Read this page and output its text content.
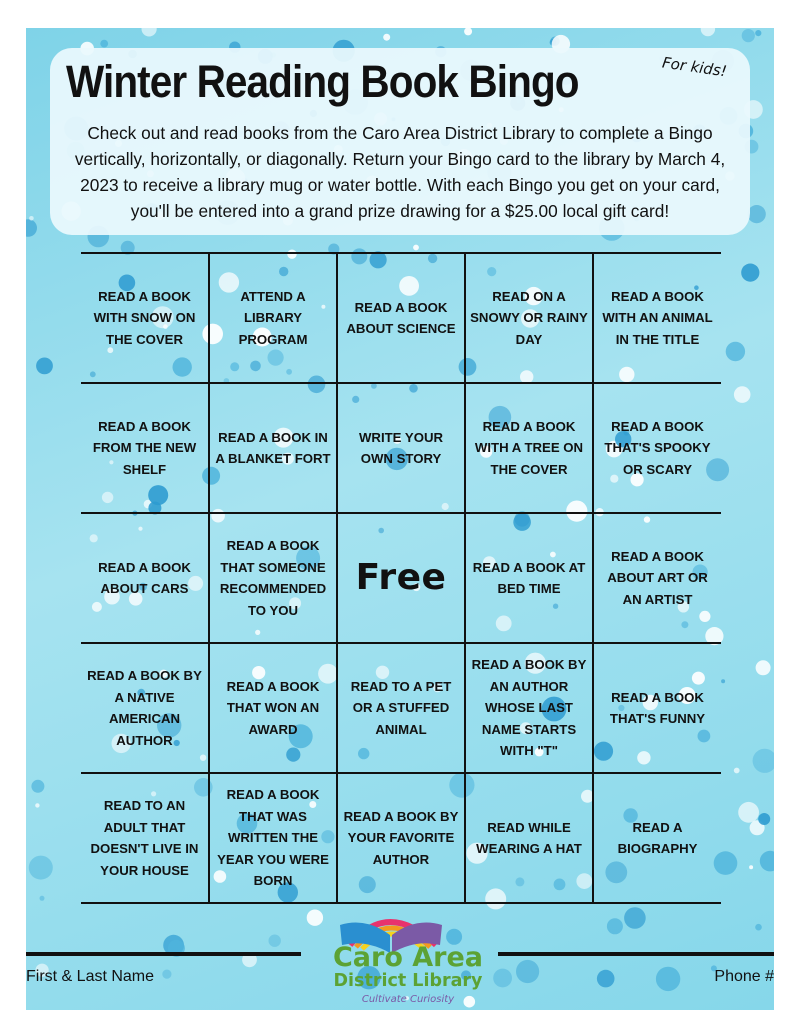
Winter Reading Book Bingo	For kids!

Check out and read books from the Caro Area District Library to complete a Bingo vertically, horizontally, or diagonally. Return your Bingo card to the library by March 4, 2023 to receive a library mug or water bottle. With each Bingo you get on your card, you'll be entered into a grand prize drawing for a $25.00 local gift card!

READ A BOOK WITH SNOW ON THE COVER	ATTEND A LIBRARY PROGRAM	READ A BOOK ABOUT SCIENCE	READ ON A SNOWY OR RAINY DAY	READ A BOOK WITH AN ANIMAL IN THE TITLE
READ A BOOK FROM THE NEW SHELF	READ A BOOK IN A BLANKET FORT	WRITE YOUR OWN STORY	READ A BOOK WITH A TREE ON THE COVER	READ A BOOK THAT'S SPOOKY OR SCARY
READ A BOOK ABOUT CARS	READ A BOOK THAT SOMEONE RECOMMENDED TO YOU	Free	READ A BOOK AT BED TIME	READ A BOOK ABOUT ART OR AN ARTIST
READ A BOOK BY A NATIVE AMERICAN AUTHOR	READ A BOOK THAT WON AN AWARD	READ TO A PET OR A STUFFED ANIMAL	READ A BOOK BY AN AUTHOR WHOSE LAST NAME STARTS WITH "T"	READ A BOOK THAT'S FUNNY
READ TO AN ADULT THAT DOESN'T LIVE IN YOUR HOUSE	READ A BOOK THAT WAS WRITTEN THE YEAR YOU WERE BORN	READ A BOOK BY YOUR FAVORITE AUTHOR	READ WHILE WEARING A HAT	READ A BIOGRAPHY
First & Last Name	Phone #

Caro Area

District Library

Cultivate Curiosity
